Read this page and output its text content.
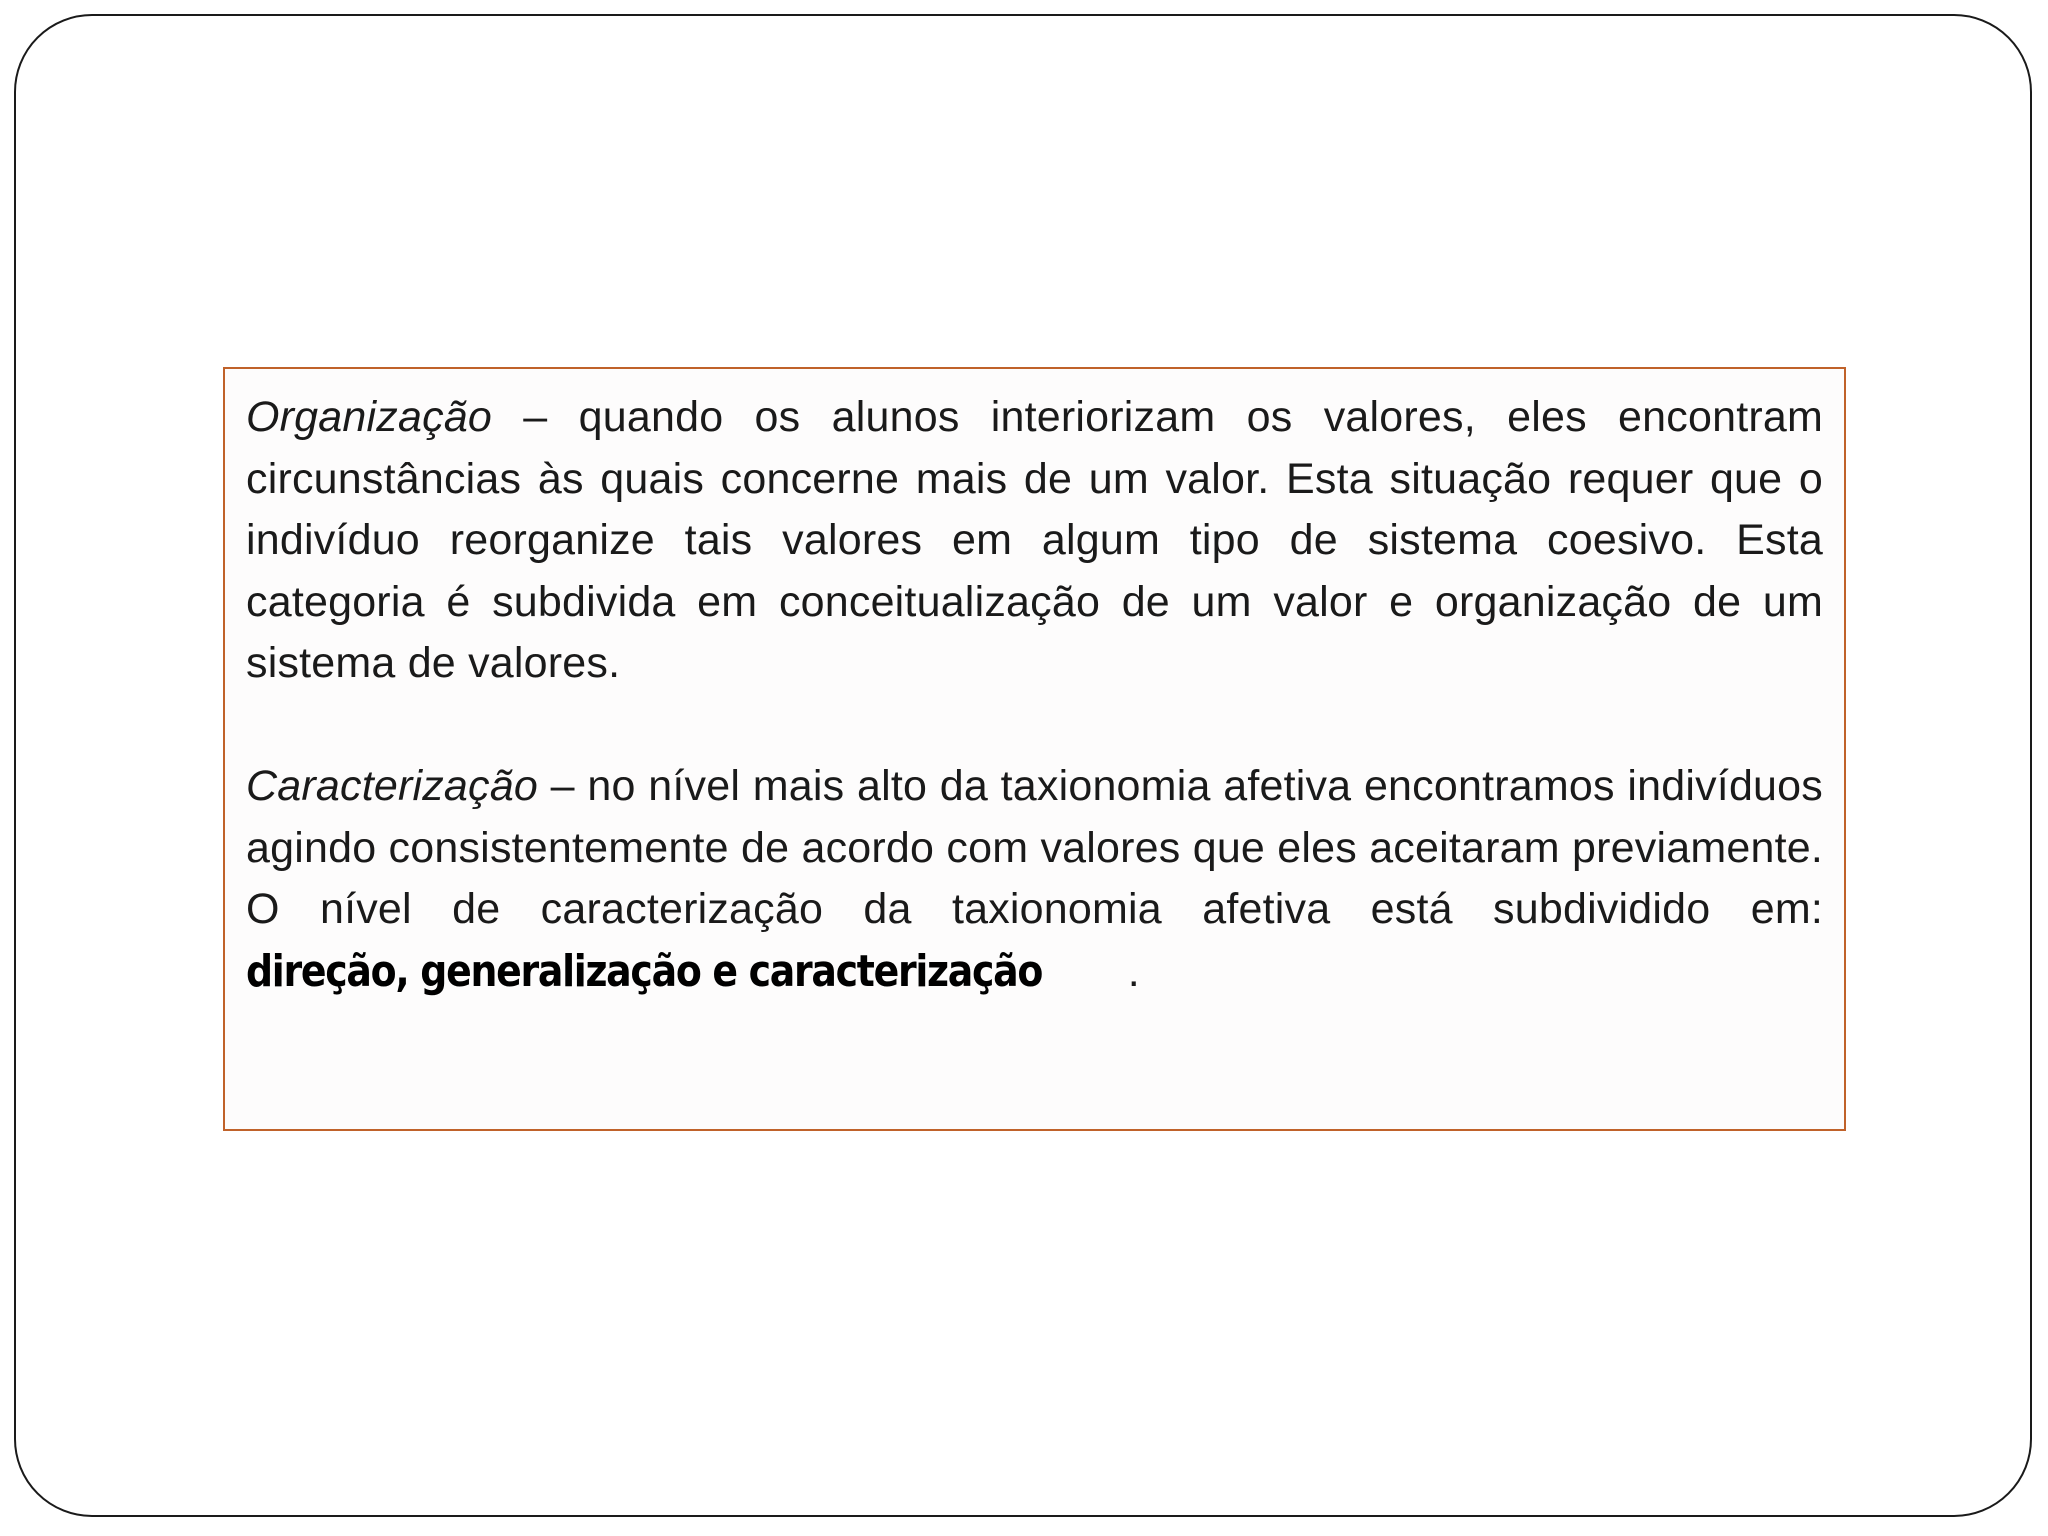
Organização – quando os alunos interiorizam os valores, eles encontram circunstâncias às quais concerne mais de um valor. Esta situação requer que o indivíduo reorganize tais valores em algum tipo de sistema coesivo. Esta categoria é subdivida em conceitualização de um valor e organização de um sistema de valores.

Caracterização – no nível mais alto da taxionomia afetiva encontramos indivíduos agindo consistentemente de acordo com valores que eles aceitaram previamente. O nível de caracterização da taxionomia afetiva está subdividido em: direção, generalização e caracterização .
